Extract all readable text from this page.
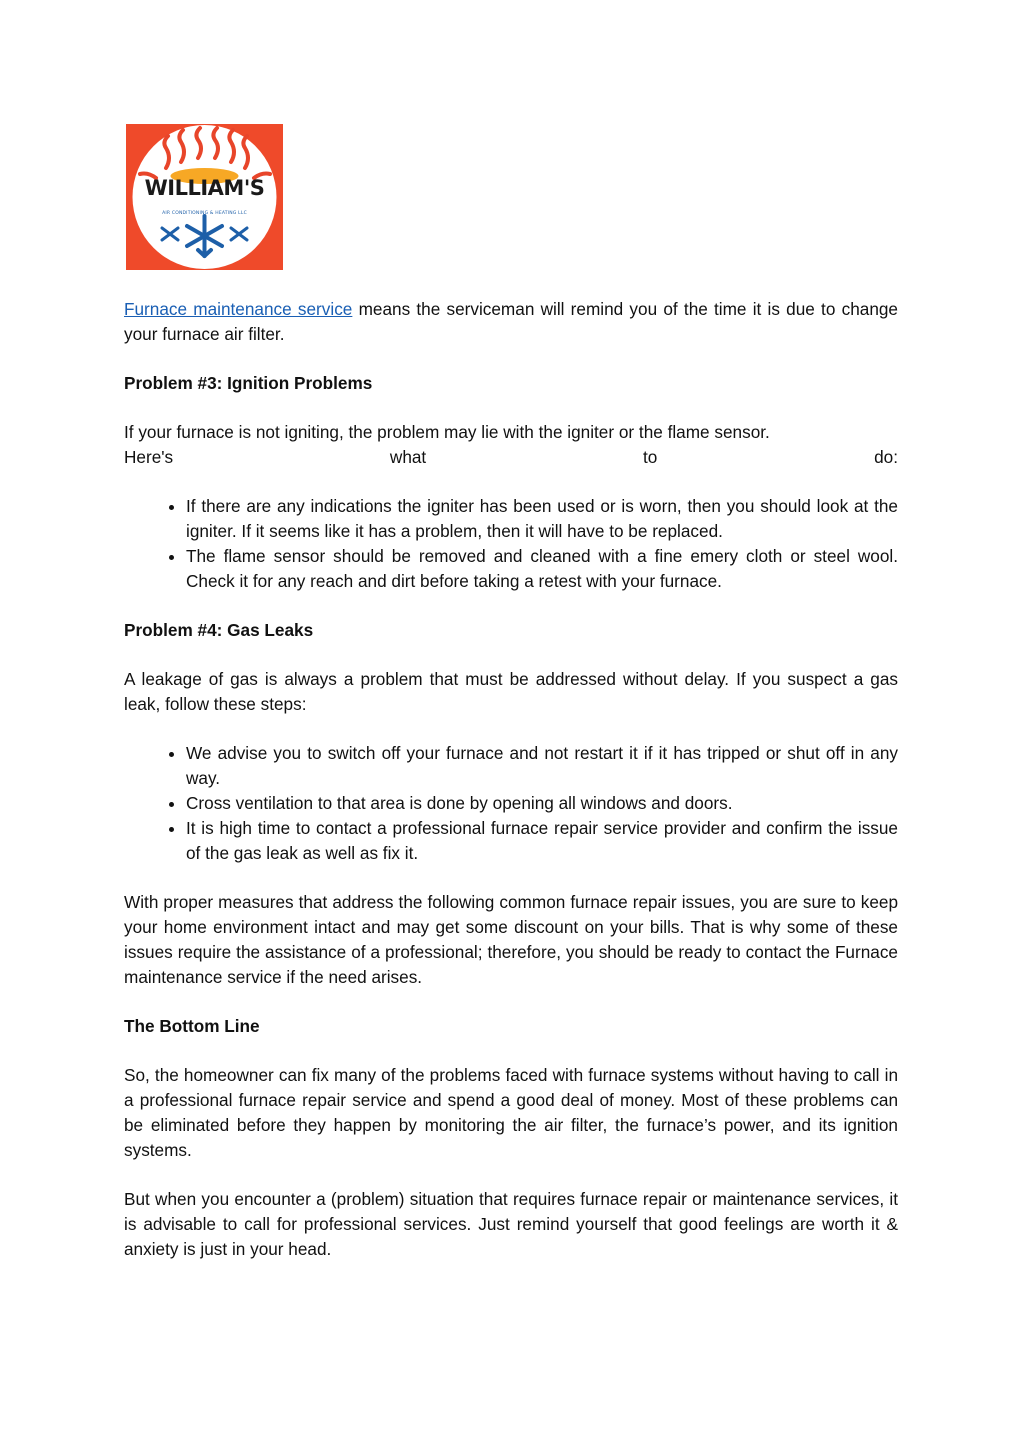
WILLIAM'S
AIR CONDITIONING & HEATING LLC

Furnace maintenance service means the serviceman will remind you of the time it is due to change your furnace air filter.

Problem #3: Ignition Problems

If your furnace is not igniting, the problem may lie with the igniter or the flame sensor.

Here's what to do:

• If there are any indications the igniter has been used or is worn, then you should look at the igniter. If it seems like it has a problem, then it will have to be replaced.
• The flame sensor should be removed and cleaned with a fine emery cloth or steel wool. Check it for any reach and dirt before taking a retest with your furnace.

Problem #4: Gas Leaks

A leakage of gas is always a problem that must be addressed without delay. If you suspect a gas leak, follow these steps:

• We advise you to switch off your furnace and not restart it if it has tripped or shut off in any way.
• Cross ventilation to that area is done by opening all windows and doors.
• It is high time to contact a professional furnace repair service provider and confirm the issue of the gas leak as well as fix it.

With proper measures that address the following common furnace repair issues, you are sure to keep your home environment intact and may get some discount on your bills. That is why some of these issues require the assistance of a professional; therefore, you should be ready to contact the Furnace maintenance service if the need arises.

The Bottom Line

So, the homeowner can fix many of the problems faced with furnace systems without having to call in a professional furnace repair service and spend a good deal of money. Most of these problems can be eliminated before they happen by monitoring the air filter, the furnace’s power, and its ignition systems.

But when you encounter a (problem) situation that requires furnace repair or maintenance services, it is advisable to call for professional services. Just remind yourself that good feelings are worth it & anxiety is just in your head.
